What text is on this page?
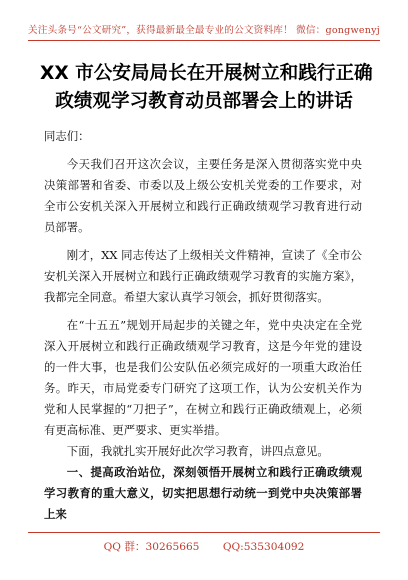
关注头条号“公文研究”，获得最新最全最专业的公文资料库！ 微信：gongwenyj
XX 市公安局局长在开展树立和践行正确
政绩观学习教育动员部署会上的讲话

同志们：

今天我们召开这次会议，主要任务是深入贯彻落实党中央决策部署和省委、市委以及上级公安机关党委的工作要求，对全市公安机关深入开展树立和践行正确政绩观学习教育进行动员部署。

刚才，XX 同志传达了上级相关文件精神，宣读了《全市公安机关深入开展树立和践行正确政绩观学习教育的实施方案》，我都完全同意。希望大家认真学习领会，抓好贯彻落实。

在“十五五”规划开局起步的关键之年，党中央决定在全党深入开展树立和践行正确政绩观学习教育，这是今年党的建设的一件大事，也是我们公安队伍必须完成好的一项重大政治任务。昨天，市局党委专门研究了这项工作，认为公安机关作为党和人民掌握的“刀把子”，在树立和践行正确政绩观上，必须有更高标准、更严要求、更实举措。

下面，我就扎实开展好此次学习教育，讲四点意见。

一、提高政治站位，深刻领悟开展树立和践行正确政绩观学习教育的重大意义，切实把思想行动统一到党中央决策部署上来

QQ 群：30265665 QQ:535304092
